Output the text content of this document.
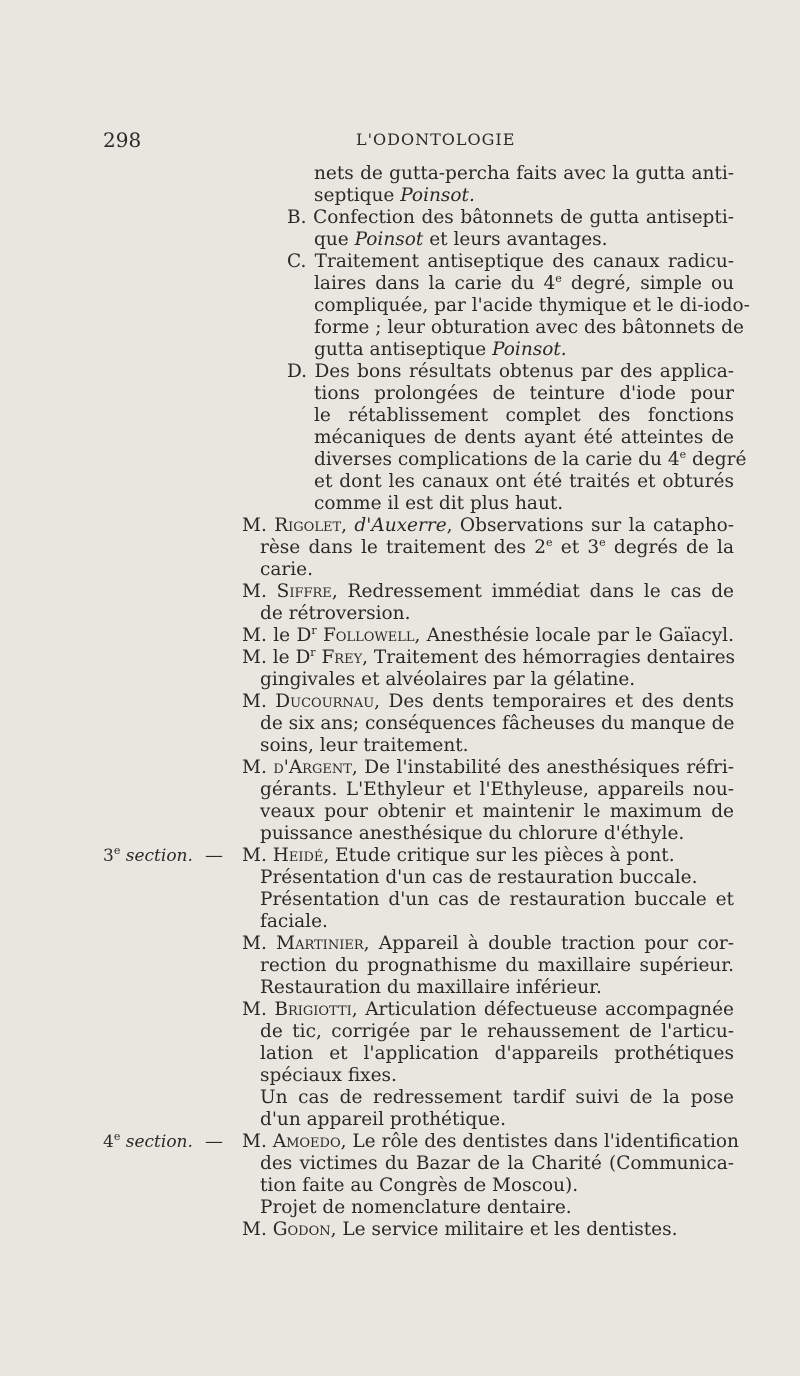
298	L'ODONTOLOGIE
nets de gutta-percha faits avec la gutta anti-
septique Poinsot.
B. Confection des bâtonnets de gutta antisepti-
que Poinsot et leurs avantages.
C. Traitement antiseptique des canaux radicu-
laires dans la carie du 4e degré, simple ou
compliquée, par l'acide thymique et le di-iodo-
forme ; leur obturation avec des bâtonnets de
gutta antiseptique Poinsot.
D. Des bons résultats obtenus par des applica-
tions prolongées de teinture d'iode pour
le rétablissement complet des fonctions
mécaniques de dents ayant été atteintes de
diverses complications de la carie du 4e degré
et dont les canaux ont été traités et obturés
comme il est dit plus haut.
M. Rigolet, d'Auxerre, Observations sur la catapho-
rèse dans le traitement des 2e et 3e degrés de la
carie.
M. Siffre, Redressement immédiat dans le cas de
de rétroversion.
M. le $D^r$ Followell, Anesthésie locale par le Gaïacyl.
M. le $D^r$ Frey, Traitement des hémorragies dentaires
gingivales et alvéolaires par la gélatine.
M. Ducournau, Des dents temporaires et des dents
de six ans; conséquences fâcheuses du manque de
soins, leur traitement.
M. d'Argent, De l'instabilité des anesthésiques réfri-
gérants. L'Ethyleur et l'Ethyleuse, appareils nou-
veaux pour obtenir et maintenir le maximum de
puissance anesthésique du chlorure d'éthyle.
M. Heidé, Etude critique sur les pièces à pont.
Présentation d'un cas de restauration buccale.
Présentation d'un cas de restauration buccale et
faciale.
M. Martinier, Appareil à double traction pour cor-
rection du prognathisme du maxillaire supérieur.
Restauration du maxillaire inférieur.
M. Brigiotti, Articulation défectueuse accompagnée
de tic, corrigée par le rehaussement de l'articu-
lation et l'application d'appareils prothétiques
spéciaux fixes.
Un cas de redressement tardif suivi de la pose
d'un appareil prothétique.
M. Amoedo, Le rôle des dentistes dans l'identification
des victimes du Bazar de la Charité (Communica-
tion faite au Congrès de Moscou).
Projet de nomenclature dentaire.
M. Godon, Le service militaire et les dentistes.
3e section. —
4e section. —
